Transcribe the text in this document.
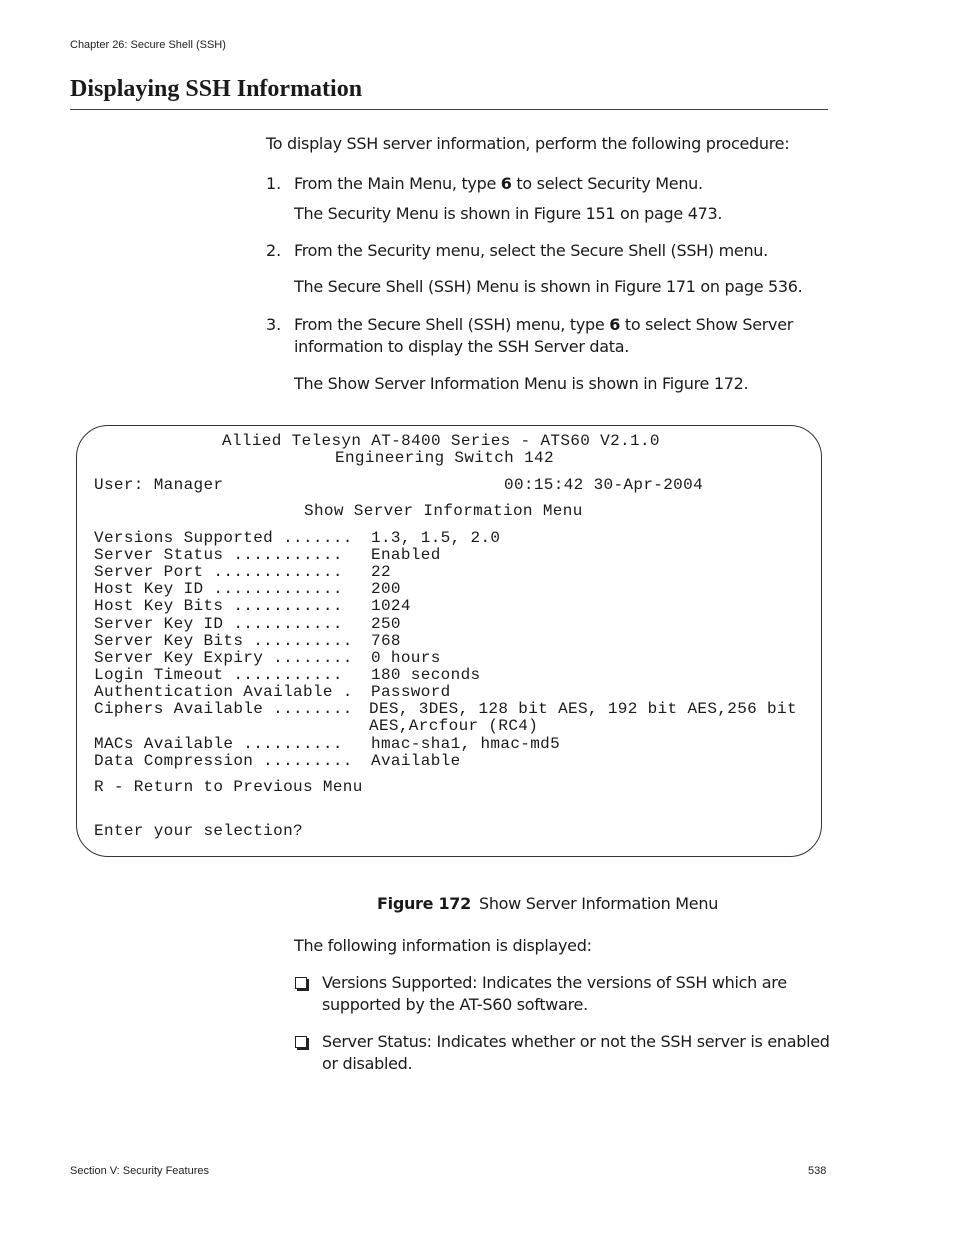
Chapter 26: Secure Shell (SSH)
Displaying SSH Information
To display SSH server information, perform the following procedure:
1. From the Main Menu, type 6 to select Security Menu.
The Security Menu is shown in Figure 151 on page 473.
2. From the Security menu, select the Secure Shell (SSH) menu.
The Secure Shell (SSH) Menu is shown in Figure 171 on page 536.
3. From the Secure Shell (SSH) menu, type 6 to select Show Server
information to display the SSH Server data.
The Show Server Information Menu is shown in Figure 172.
Allied Telesyn AT-8400 Series - ATS60 V2.1.0
Engineering Switch 142
User: Manager	00:15:42 30-Apr-2004
Show Server Information Menu
Versions Supported ....... 1.3, 1.5, 2.0
Server Status ........... Enabled
Server Port ............. 22
Host Key ID ............. 200
Host Key Bits ........... 1024
Server Key ID ........... 250
Server Key Bits .......... 768
Server Key Expiry ........ 0 hours
Login Timeout ........... 180 seconds
Authentication Available . Password
Ciphers Available ........ DES, 3DES, 128 bit AES, 192 bit AES,256 bit
AES,Arcfour (RC4)
MACs Available .......... hmac-sha1, hmac-md5
Data Compression ......... Available
R - Return to Previous Menu
Enter your selection?
Figure 172 Show Server Information Menu
The following information is displayed:
Versions Supported: Indicates the versions of SSH which are
supported by the AT-S60 software.
Server Status: Indicates whether or not the SSH server is enabled
or disabled.
Section V: Security Features	538
